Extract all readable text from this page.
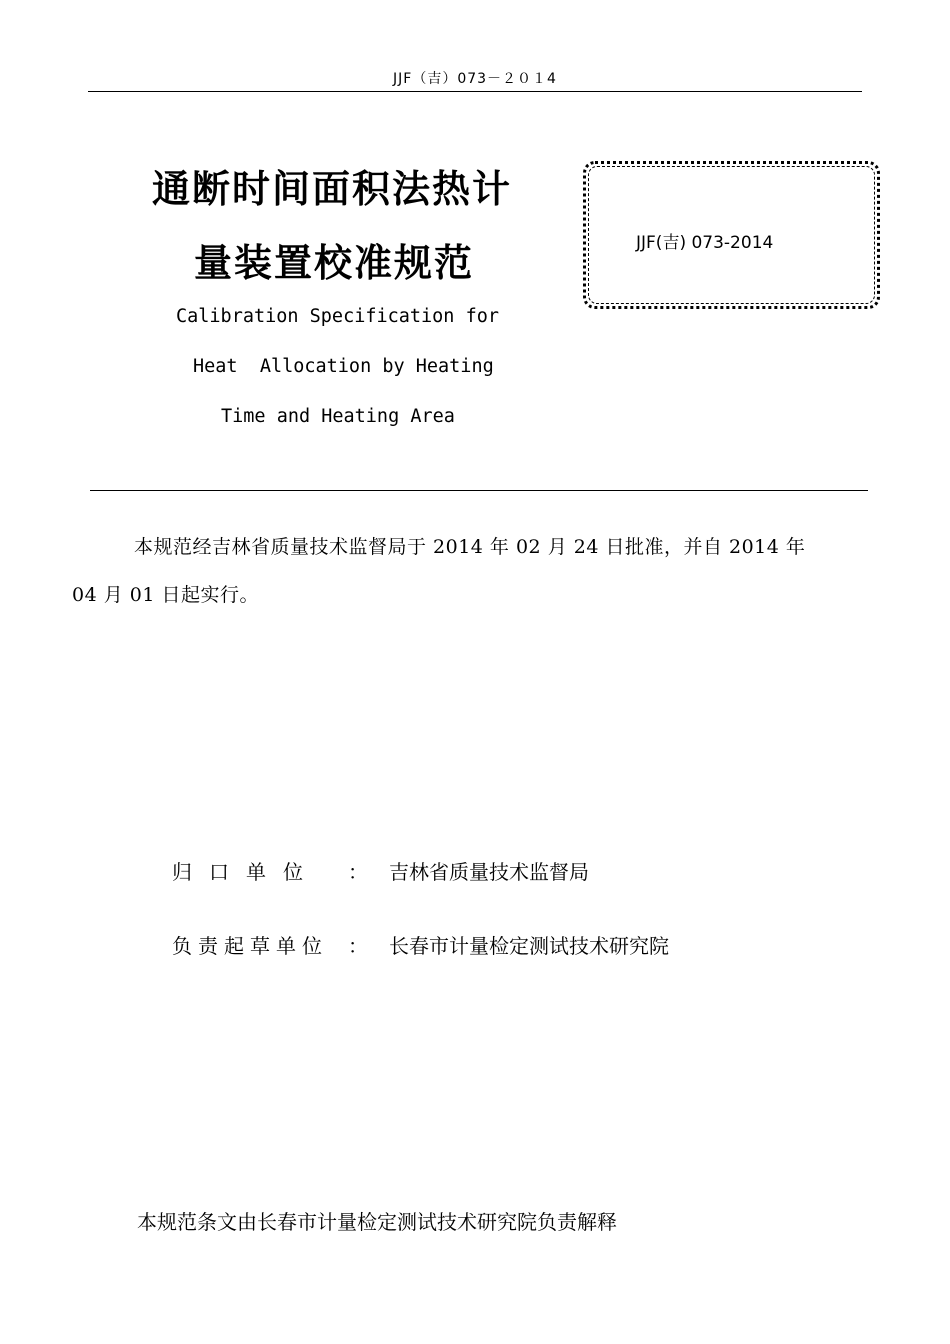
JJF（吉）073－２０１4
通断时间面积法热计
量装置校准规范
Calibration Specification for
Heat  Allocation by Heating
Time and Heating Area
JJF(吉) 073-2014
本规范经吉林省质量技术监督局于 2014 年 02 月 24 日批准，并自 2014 年
04 月 01 日起实行。
归口单位 ： 吉林省质量技术监督局
负责起草单位 ： 长春市计量检定测试技术研究院
本规范条文由长春市计量检定测试技术研究院负责解释
